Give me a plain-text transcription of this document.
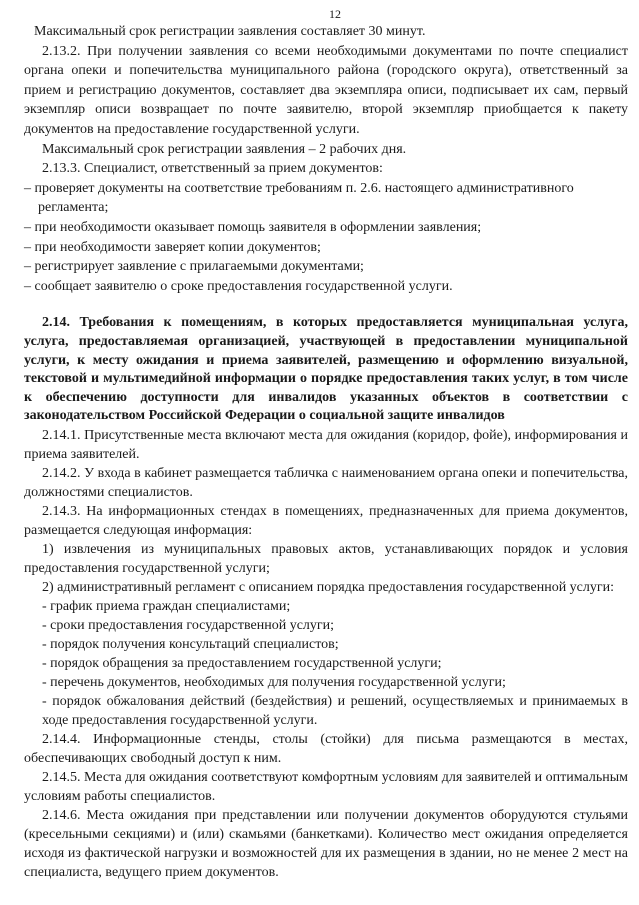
12

Максимальный срок регистрации заявления составляет 30 минут.

2.13.2. При получении заявления со всеми необходимыми документами по почте специалист органа опеки и попечительства муниципального района (городского округа), ответственный за прием и регистрацию документов, составляет два экземпляра описи, подписывает их сам, первый экземпляр описи возвращает по почте заявителю, второй экземпляр приобщается к пакету документов на предоставление государственной услуги.

Максимальный срок регистрации заявления – 2 рабочих дня.

2.13.3. Специалист, ответственный за прием документов:

– проверяет документы на соответствие требованиям п. 2.6. настоящего административного регламента;
– при необходимости оказывает помощь заявителя в оформлении заявления;
– при необходимости заверяет копии документов;
– регистрирует заявление с прилагаемыми документами;
– сообщает заявителю о сроке предоставления государственной услуги.

2.14. Требования к помещениям, в которых предоставляется муниципальная услуга, услуга, предоставляемая организацией, участвующей в предоставлении муниципальной услуги, к месту ожидания и приема заявителей, размещению и оформлению визуальной, текстовой и мультимедийной информации о порядке предоставления таких услуг, в том числе к обеспечению доступности для инвалидов указанных объектов в соответствии с законодательством Российской Федерации о социальной защите инвалидов

2.14.1. Присутственные места включают места для ожидания (коридор, фойе), информирования и приема заявителей.

2.14.2. У входа в кабинет размещается табличка с наименованием органа опеки и попечительства, должностями специалистов.

2.14.3. На информационных стендах в помещениях, предназначенных для приема документов, размещается следующая информация:

1) извлечения из муниципальных правовых актов, устанавливающих порядок и условия предоставления государственной услуги;

2) административный регламент с описанием порядка предоставления государственной услуги:

- график приема граждан специалистами;
- сроки предоставления государственной услуги;
- порядок получения консультаций специалистов;
- порядок обращения за предоставлением государственной услуги;
- перечень документов, необходимых для получения государственной услуги;
- порядок обжалования действий (бездействия) и решений, осуществляемых и принимаемых в ходе предоставления государственной услуги.

2.14.4. Информационные стенды, столы (стойки) для письма размещаются в местах, обеспечивающих свободный доступ к ним.

2.14.5. Места для ожидания соответствуют комфортным условиям для заявителей и оптимальным условиям работы специалистов.

2.14.6. Места ожидания при представлении или получении документов оборудуются стульями (кресельными секциями) и (или) скамьями (банкетками). Количество мест ожидания определяется исходя из фактической нагрузки и возможностей для их размещения в здании, но не менее 2 мест на специалиста, ведущего прием документов.
